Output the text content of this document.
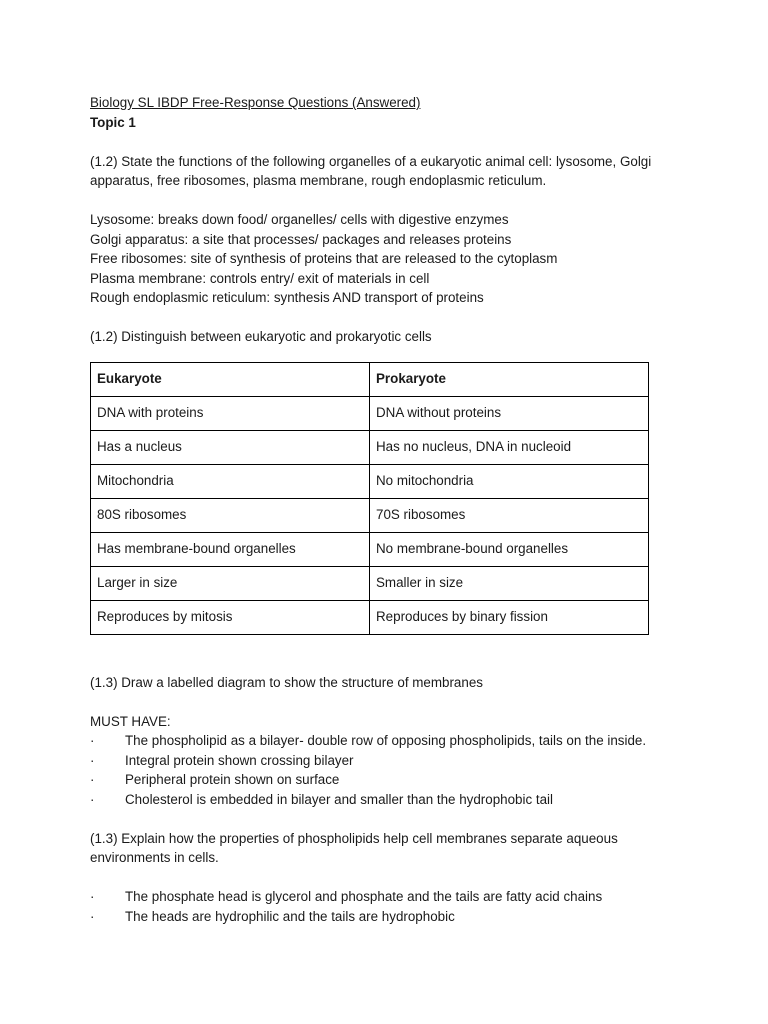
Biology SL IBDP Free-Response Questions (Answered)

Topic 1

(1.2) State the functions of the following organelles of a eukaryotic animal cell: lysosome, Golgi apparatus, free ribosomes, plasma membrane, rough endoplasmic reticulum.

Lysosome: breaks down food/ organelles/ cells with digestive enzymes

Golgi apparatus: a site that processes/ packages and releases proteins

Free ribosomes: site of synthesis of proteins that are released to the cytoplasm

Plasma membrane: controls entry/ exit of materials in cell

Rough endoplasmic reticulum: synthesis AND transport of proteins

(1.2) Distinguish between eukaryotic and prokaryotic cells

Eukaryote	Prokaryote
DNA with proteins	DNA without proteins
Has a nucleus	Has no nucleus, DNA in nucleoid
Mitochondria	No mitochondria
80S ribosomes	70S ribosomes
Has membrane-bound organelles	No membrane-bound organelles
Larger in size	Smaller in size
Reproduces by mitosis	Reproduces by binary fission

(1.3) Draw a labelled diagram to show the structure of membranes

MUST HAVE:

· The phospholipid as a bilayer- double row of opposing phospholipids, tails on the inside.
· Integral protein shown crossing bilayer
· Peripheral protein shown on surface
· Cholesterol is embedded in bilayer and smaller than the hydrophobic tail

(1.3) Explain how the properties of phospholipids help cell membranes separate aqueous environments in cells.

· The phosphate head is glycerol and phosphate and the tails are fatty acid chains
· The heads are hydrophilic and the tails are hydrophobic
